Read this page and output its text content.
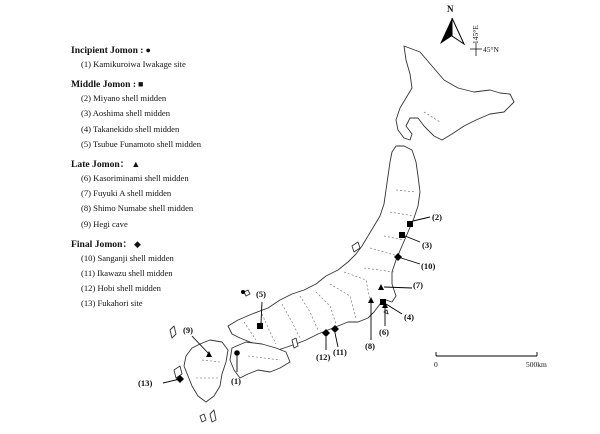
Incipient Jomon : ●
(1) Kamikuroiwa Iwakage site
Middle Jomon : ■
(2) Miyano shell midden
(3) Aoshima shell midden
(4) Takanekido shell midden
(5) Tsubue Funamoto shell midden
Late Jomon： ▲
(6) Kasoriminami shell midden
(7) Fuyuki A shell midden
(8) Shimo Numabe shell midden
(9) Hegi cave
Final Jomon： ◆
(10) Sanganji shell midden
(11) Ikawazu shell midden
(12) Hobi shell midden
(13) Fukahori site
N
145°E
45°N
(1)
(2)
(3)
(4)
(5)
(6)
(7)
(8)
(9)
(10)
(11)
(12)
(13)
0	500km
